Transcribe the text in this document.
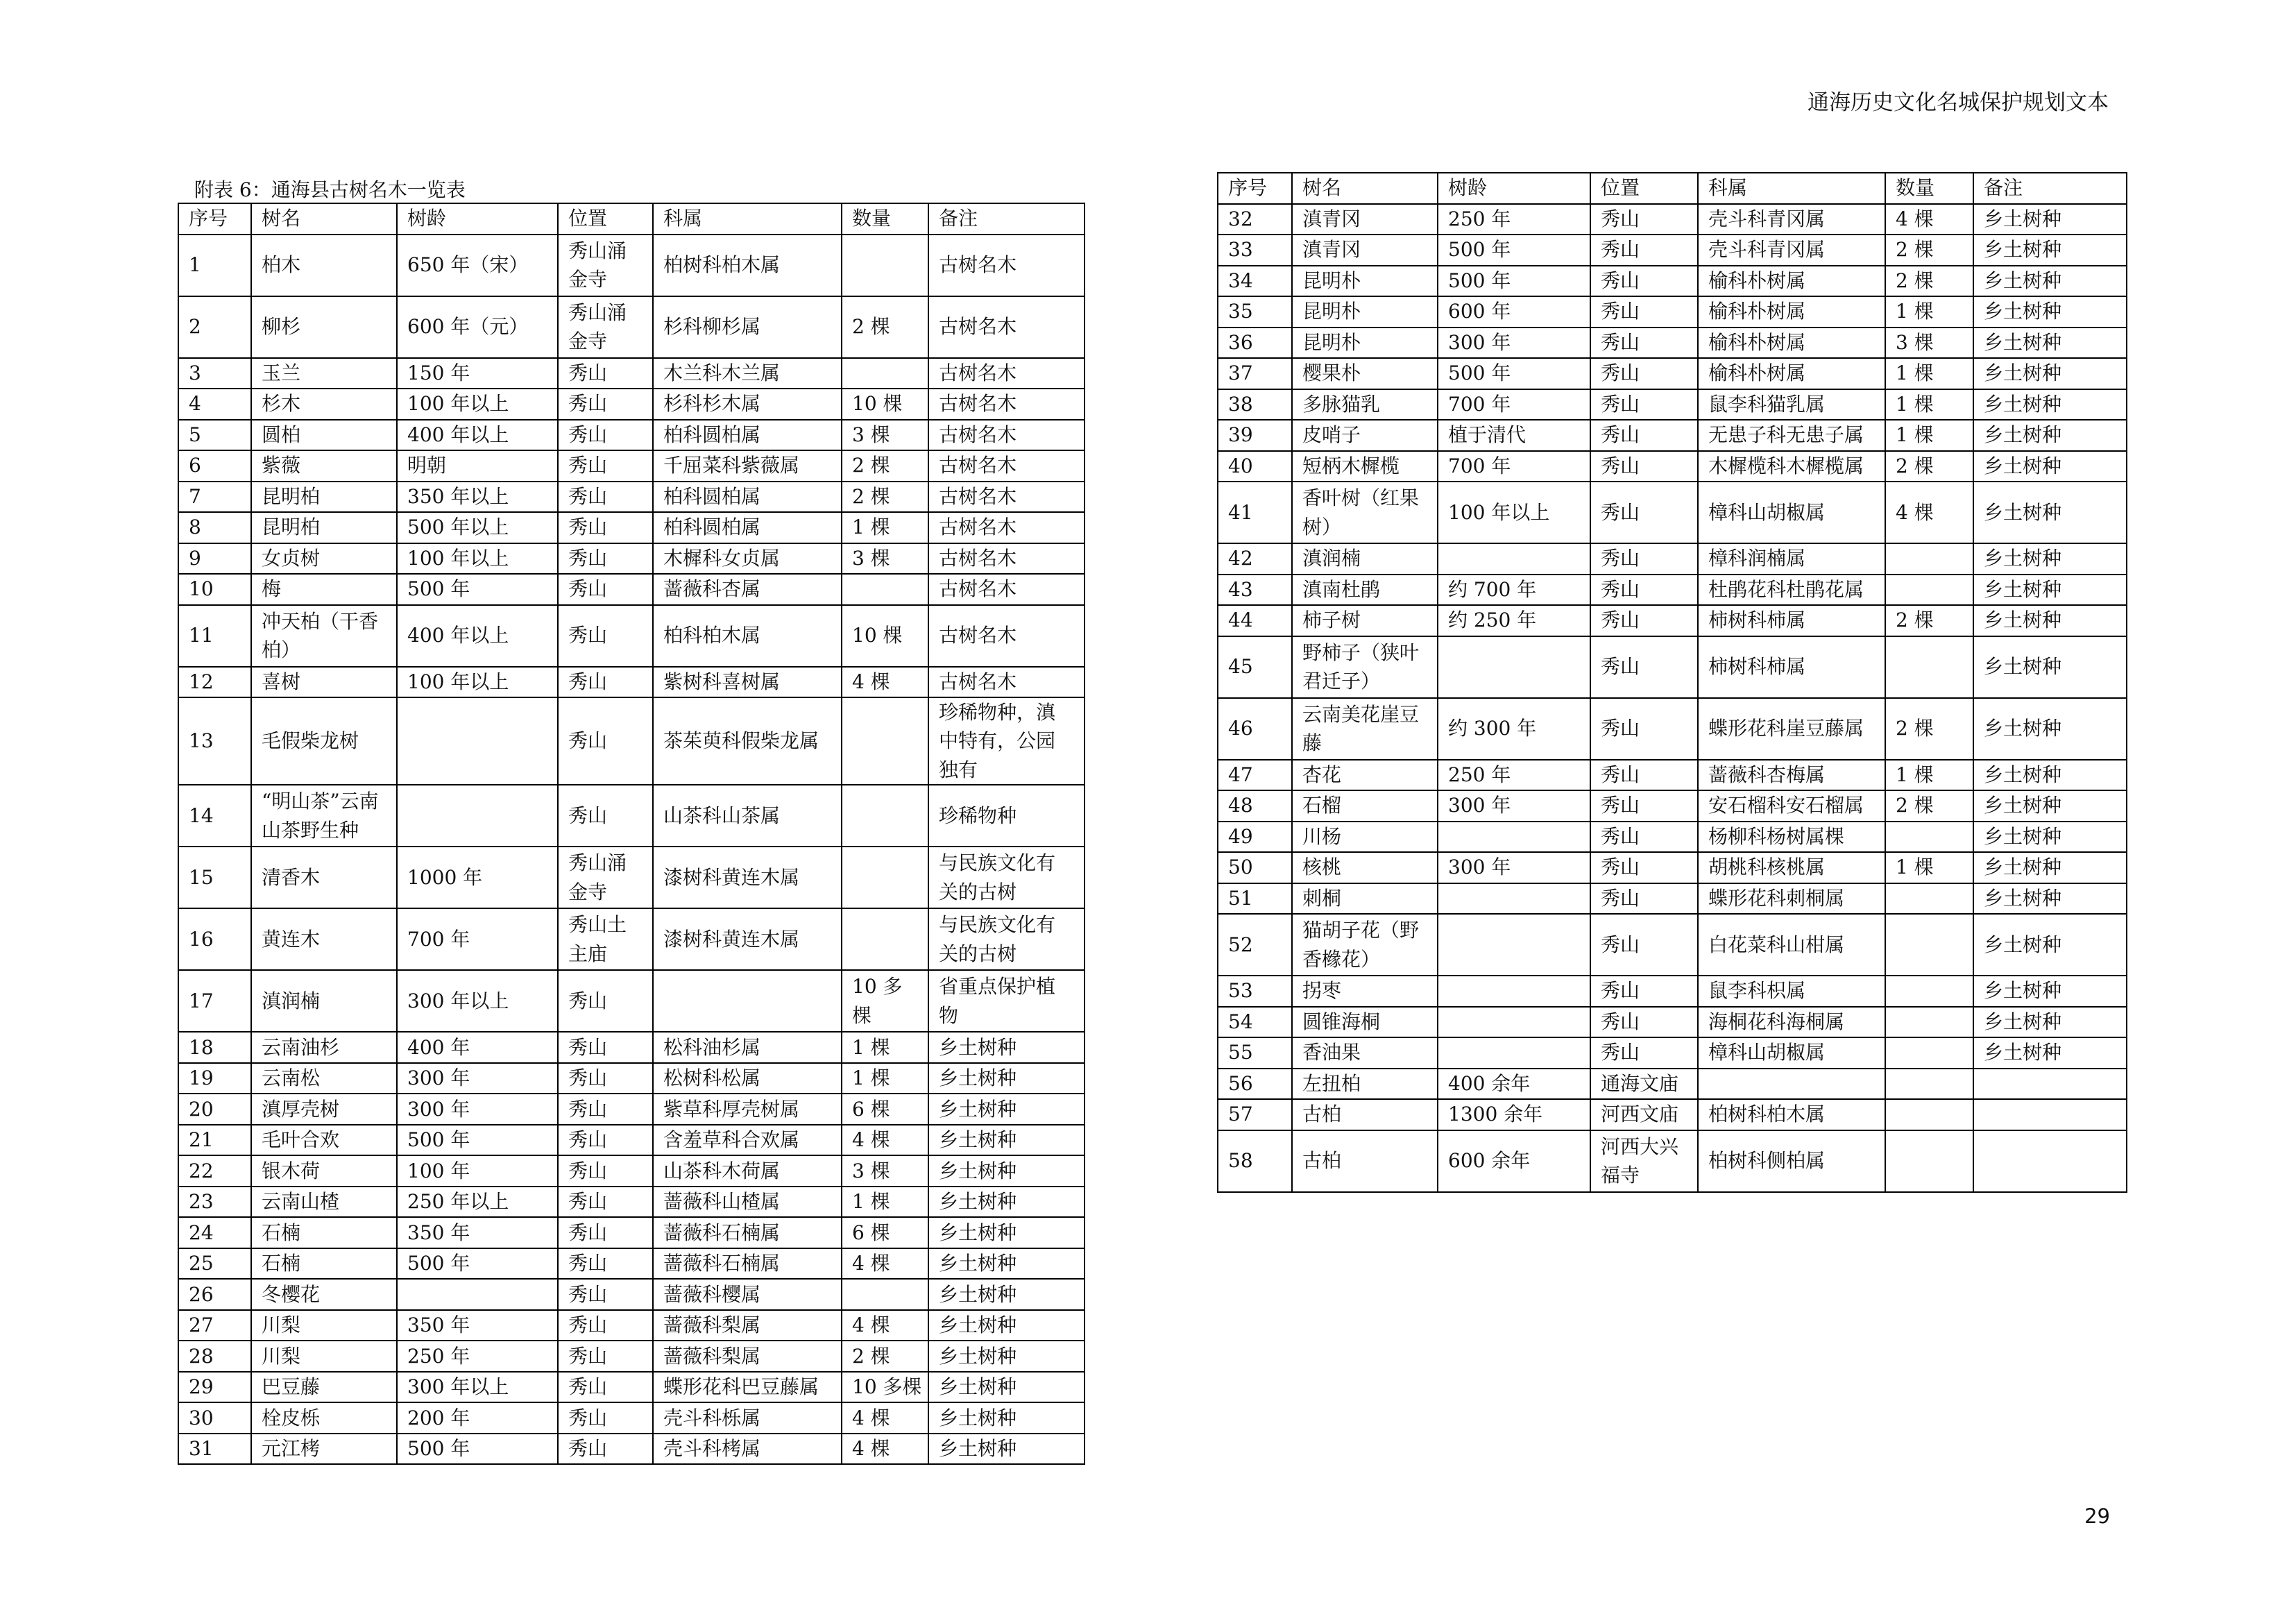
通海历史文化名城保护规划文本
附表 6：通海县古树名木一览表
序号	树名	树龄	位置	科属	数量	备注
1	柏木	650 年（宋）	秀山涌金寺	柏树科柏木属		古树名木
2	柳杉	600 年（元）	秀山涌金寺	杉科柳杉属	2 棵	古树名木
3	玉兰	150 年	秀山	木兰科木兰属		古树名木
4	杉木	100 年以上	秀山	杉科杉木属	10 棵	古树名木
5	圆柏	400 年以上	秀山	柏科圆柏属	3 棵	古树名木
6	紫薇	明朝	秀山	千屈菜科紫薇属	2 棵	古树名木
7	昆明柏	350 年以上	秀山	柏科圆柏属	2 棵	古树名木
8	昆明柏	500 年以上	秀山	柏科圆柏属	1 棵	古树名木
9	女贞树	100 年以上	秀山	木樨科女贞属	3 棵	古树名木
10	梅	500 年	秀山	蔷薇科杏属		古树名木
11	冲天柏（干香柏）	400 年以上	秀山	柏科柏木属	10 棵	古树名木
12	喜树	100 年以上	秀山	紫树科喜树属	4 棵	古树名木
13	毛假柴龙树		秀山	茶茱萸科假柴龙属		珍稀物种，滇中特有，公园独有
14	“明山茶”云南山茶野生种		秀山	山茶科山茶属		珍稀物种
15	清香木	1000 年	秀山涌金寺	漆树科黄连木属		与民族文化有关的古树
16	黄连木	700 年	秀山土主庙	漆树科黄连木属		与民族文化有关的古树
17	滇润楠	300 年以上	秀山		10 多棵	省重点保护植物
18	云南油杉	400 年	秀山	松科油杉属	1 棵	乡土树种
19	云南松	300 年	秀山	松树科松属	1 棵	乡土树种
20	滇厚壳树	300 年	秀山	紫草科厚壳树属	6 棵	乡土树种
21	毛叶合欢	500 年	秀山	含羞草科合欢属	4 棵	乡土树种
22	银木荷	100 年	秀山	山茶科木荷属	3 棵	乡土树种
23	云南山楂	250 年以上	秀山	蔷薇科山楂属	1 棵	乡土树种
24	石楠	350 年	秀山	蔷薇科石楠属	6 棵	乡土树种
25	石楠	500 年	秀山	蔷薇科石楠属	4 棵	乡土树种
26	冬樱花		秀山	蔷薇科樱属		乡土树种
27	川梨	350 年	秀山	蔷薇科梨属	4 棵	乡土树种
28	川梨	250 年	秀山	蔷薇科梨属	2 棵	乡土树种
29	巴豆藤	300 年以上	秀山	蝶形花科巴豆藤属	10 多棵	乡土树种
30	栓皮栎	200 年	秀山	壳斗科栎属	4 棵	乡土树种
31	元江栲	500 年	秀山	壳斗科栲属	4 棵	乡土树种
序号	树名	树龄	位置	科属	数量	备注
32	滇青冈	250 年	秀山	壳斗科青冈属	4 棵	乡土树种
33	滇青冈	500 年	秀山	壳斗科青冈属	2 棵	乡土树种
34	昆明朴	500 年	秀山	榆科朴树属	2 棵	乡土树种
35	昆明朴	600 年	秀山	榆科朴树属	1 棵	乡土树种
36	昆明朴	300 年	秀山	榆科朴树属	3 棵	乡土树种
37	樱果朴	500 年	秀山	榆科朴树属	1 棵	乡土树种
38	多脉猫乳	700 年	秀山	鼠李科猫乳属	1 棵	乡土树种
39	皮哨子	植于清代	秀山	无患子科无患子属	1 棵	乡土树种
40	短柄木樨榄	700 年	秀山	木樨榄科木樨榄属	2 棵	乡土树种
41	香叶树（红果树）	100 年以上	秀山	樟科山胡椒属	4 棵	乡土树种
42	滇润楠		秀山	樟科润楠属		乡土树种
43	滇南杜鹃	约 700 年	秀山	杜鹃花科杜鹃花属		乡土树种
44	柿子树	约 250 年	秀山	柿树科柿属	2 棵	乡土树种
45	野柿子（狭叶君迁子）		秀山	柿树科柿属		乡土树种
46	云南美花崖豆藤	约 300 年	秀山	蝶形花科崖豆藤属	2 棵	乡土树种
47	杏花	250 年	秀山	蔷薇科杏梅属	1 棵	乡土树种
48	石榴	300 年	秀山	安石榴科安石榴属	2 棵	乡土树种
49	川杨		秀山	杨柳科杨树属棵		乡土树种
50	核桃	300 年	秀山	胡桃科核桃属	1 棵	乡土树种
51	刺桐		秀山	蝶形花科刺桐属		乡土树种
52	猫胡子花（野香橼花）		秀山	白花菜科山柑属		乡土树种
53	拐枣		秀山	鼠李科枳属		乡土树种
54	圆锥海桐		秀山	海桐花科海桐属		乡土树种
55	香油果		秀山	樟科山胡椒属		乡土树种
56	左扭柏	400 余年	通海文庙			
57	古柏	1300 余年	河西文庙	柏树科柏木属		
58	古柏	600 余年	河西大兴福寺	柏树科侧柏属		
29
